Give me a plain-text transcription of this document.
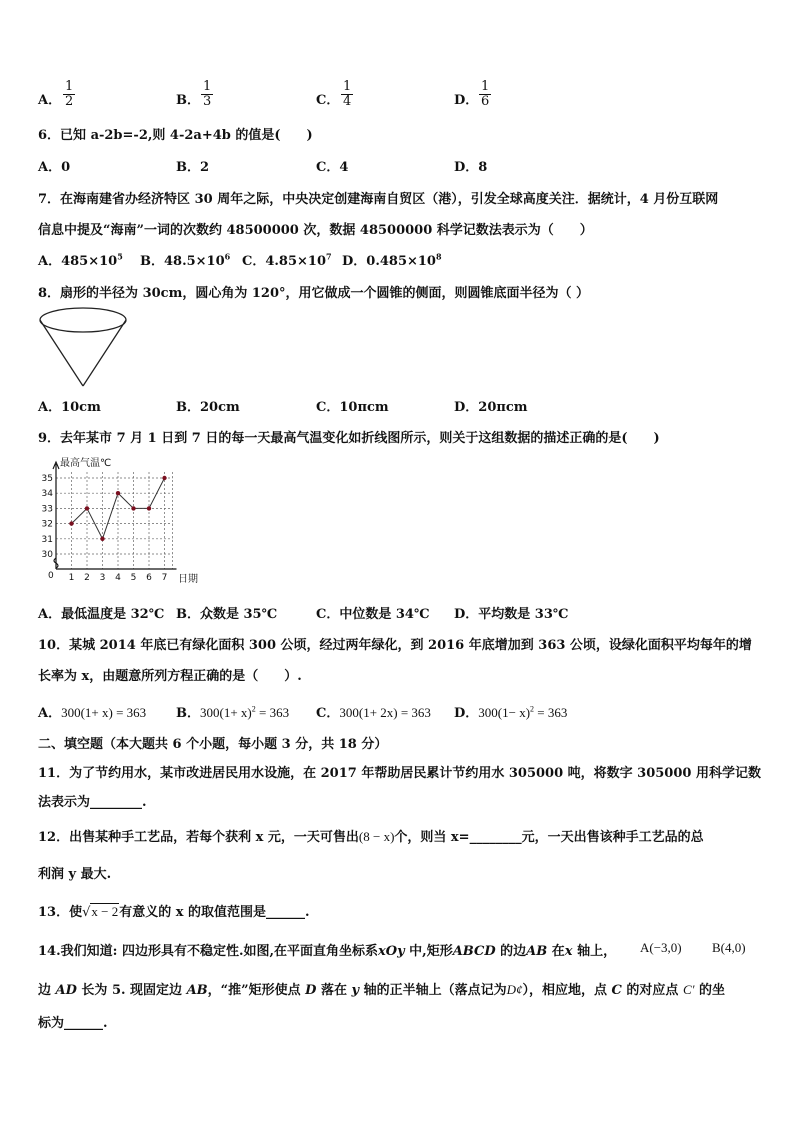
A． $\frac{1}{2}$	B． $\frac{1}{3}$	C． $\frac{1}{4}$	D． $\frac{1}{6}$
6．已知 a-2b=-2,则 4-2a+4b 的值是(　　)
A．0	B．2	C．4	D．8
7．在海南建省办经济特区 30 周年之际，中央决定创建海南自贸区（港），引发全球高度关注．据统计，4 月份互联网
信息中提及“海南”一词的次数约 48500000 次，数据 48500000 科学记数法表示为（　　）
A．$485\times 10^5$ B．$48.5\times 10^6$ C．$4.85\times 10^7$ D．$0.485\times 10^8$
8．扇形的半径为 30cm，圆心角为 120°，用它做成一个圆锥的侧面，则圆锥底面半径为（ ）
A．10cm	B．20cm	C．10πcm	D．20πcm
9．去年某市 7 月 1 日到 7 日的每一天最高气温变化如折线图所示，则关于这组数据的描述正确的是(　　)
35
34
33
32
31
30
1 2 3 4 5 6 7
最高气温℃
日期
0
A．最低温度是 32℃ B．众数是 35℃	C．中位数是 34℃ D．平均数是 33℃
10．某城 2014 年底已有绿化面积 300 公顷，经过两年绿化，到 2016 年底增加到 363 公顷，设绿化面积平均每年的增
长率为 x，由题意所列方程正确的是（　　）.
A．300(1+ x) = 363 B．$300(1+ x)^2 = 363$ C．300(1+ 2x) = 363 D．$300(1- x)^2 = 363$
二、填空题（本大题共 6 个小题，每小题 3 分，共 18 分）
11．为了节约用水，某市改进居民用水设施，在 2017 年帮助居民累计节约用水 305000 吨，将数字 305000 用科学记数
法表示为________.
12．出售某种手工艺品，若每个获利 x 元，一天可售出(8 − x)个，则当 x=________元，一天出售该种手工艺品的总
利润 y 最大.
13．使√x − 2有意义的 x 的取值范围是______.
14.我们知道: 四边形具有不稳定性.如图,在平面直角坐标系xOy 中,矩形ABCD 的边AB 在x 轴上， A(−3,0) B(4,0)
边 AD 长为 5. 现固定边 AB，“推”矩形使点 D 落在 y 轴的正半轴上（落点记为D¢），相应地，点 C 的对应点 C′ 的坐
标为______.
